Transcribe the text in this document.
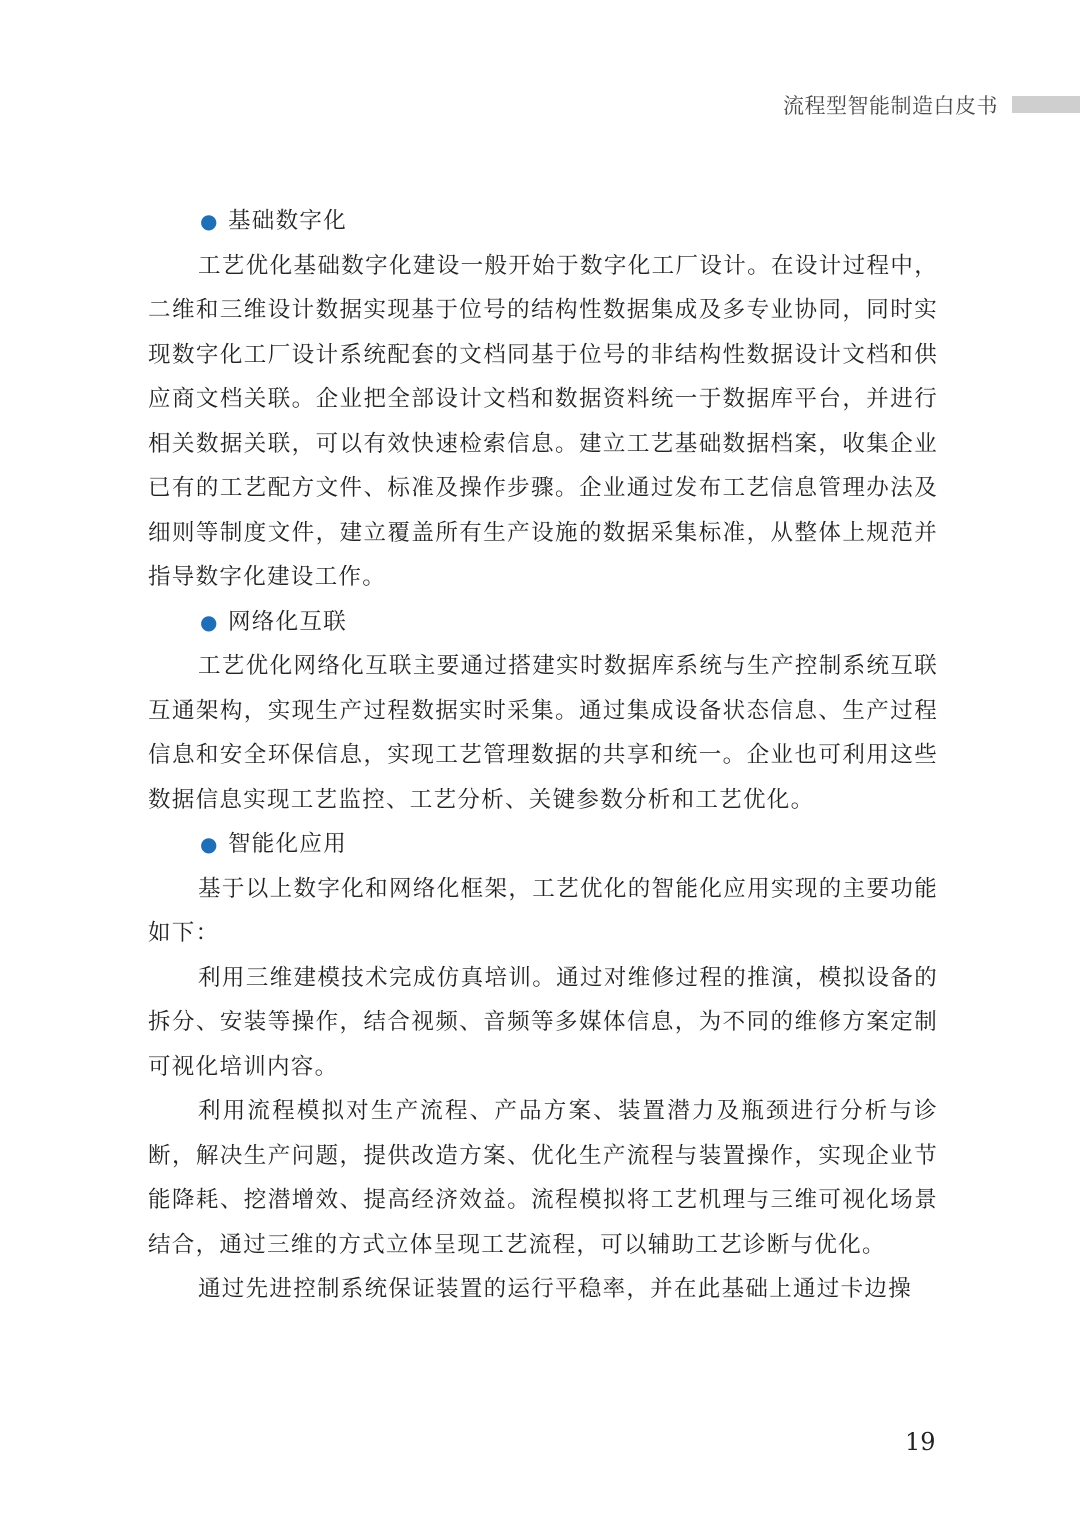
流程型智能制造白皮书
● 基础数字化

工艺优化基础数字化建设一般开始于数字化工厂设计。在设计过程中，二维和三维设计数据实现基于位号的结构性数据集成及多专业协同，同时实现数字化工厂设计系统配套的文档同基于位号的非结构性数据设计文档和供应商文档关联。企业把全部设计文档和数据资料统一于数据库平台，并进行相关数据关联，可以有效快速检索信息。建立工艺基础数据档案，收集企业已有的工艺配方文件、标准及操作步骤。企业通过发布工艺信息管理办法及细则等制度文件，建立覆盖所有生产设施的数据采集标准，从整体上规范并指导数字化建设工作。

● 网络化互联

工艺优化网络化互联主要通过搭建实时数据库系统与生产控制系统互联互通架构，实现生产过程数据实时采集。通过集成设备状态信息、生产过程信息和安全环保信息，实现工艺管理数据的共享和统一。企业也可利用这些数据信息实现工艺监控、工艺分析、关键参数分析和工艺优化。

● 智能化应用

基于以上数字化和网络化框架，工艺优化的智能化应用实现的主要功能如下：

利用三维建模技术完成仿真培训。通过对维修过程的推演，模拟设备的拆分、安装等操作，结合视频、音频等多媒体信息，为不同的维修方案定制可视化培训内容。

利用流程模拟对生产流程、产品方案、装置潜力及瓶颈进行分析与诊断，解决生产问题，提供改造方案、优化生产流程与装置操作，实现企业节能降耗、挖潜增效、提高经济效益。流程模拟将工艺机理与三维可视化场景结合，通过三维的方式立体呈现工艺流程，可以辅助工艺诊断与优化。

通过先进控制系统保证装置的运行平稳率，并在此基础上通过卡边操

19
